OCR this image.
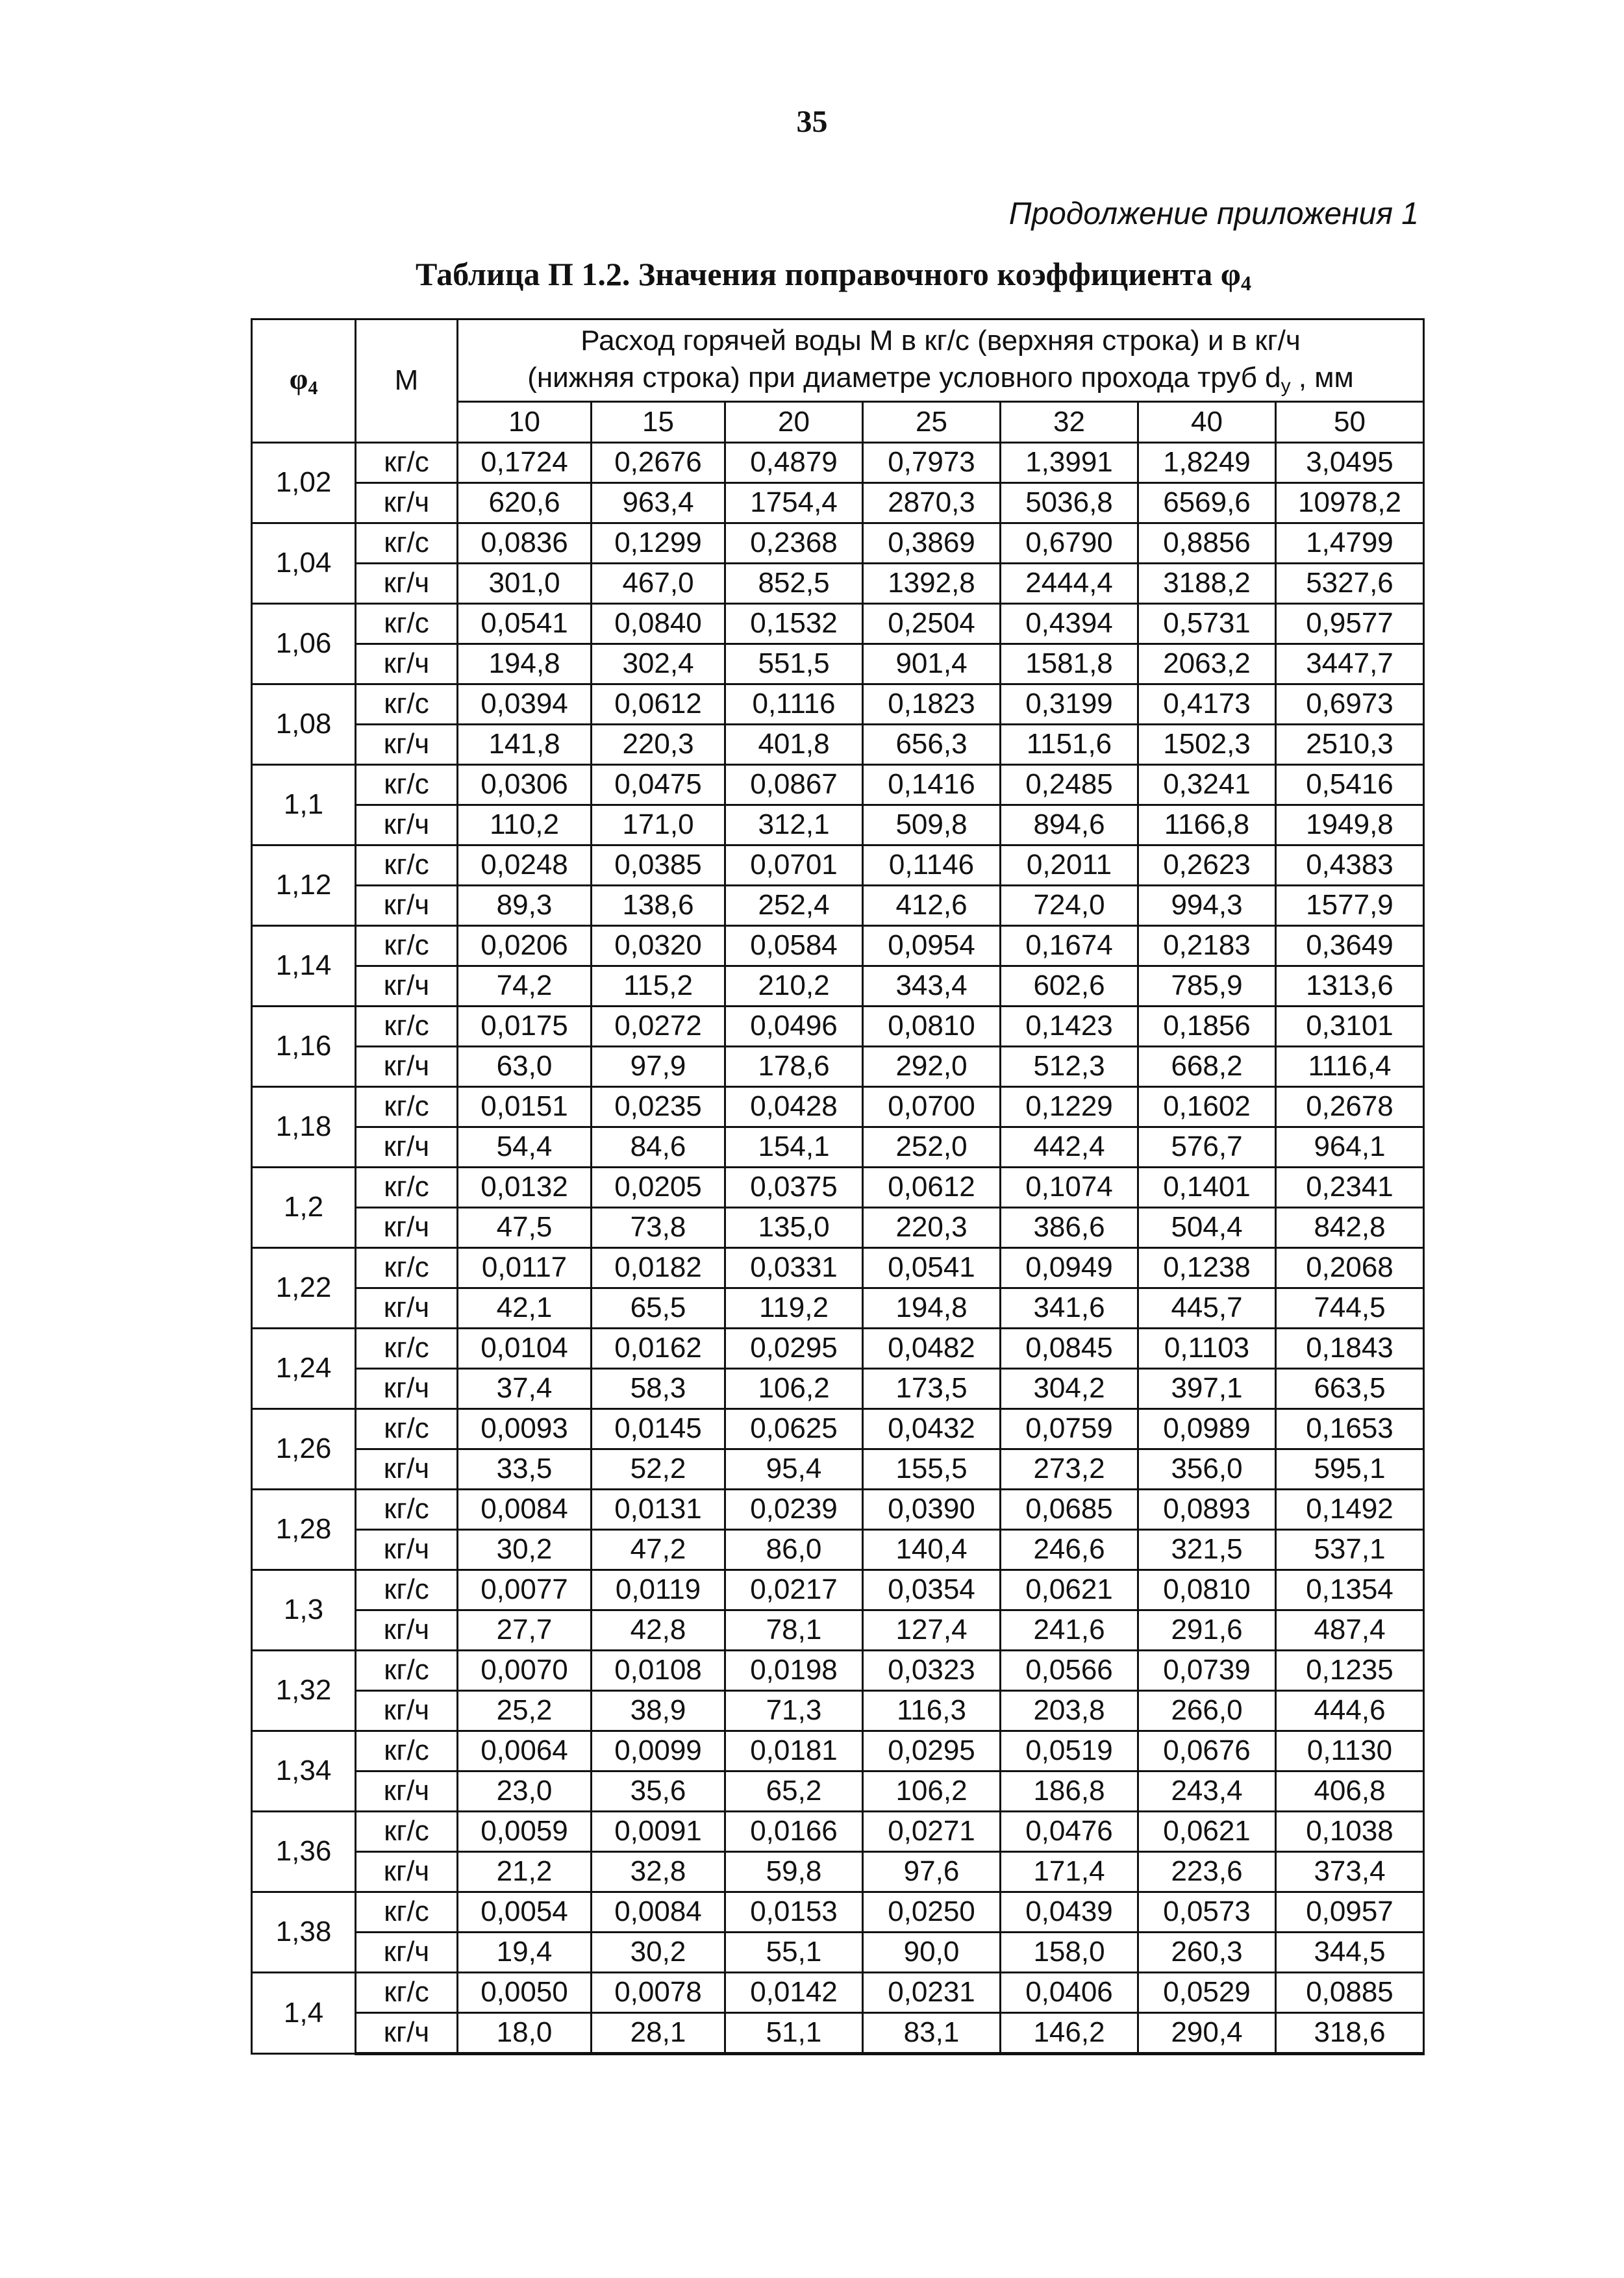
35
Продолжение приложения 1
Таблица П 1.2. Значения поправочного коэффициента $\varphi_4$
$\varphi_4$	М	Расход горячей воды М в кг/с (верхняя строка) и в кг/ч
(нижняя строка) при диаметре условного прохода труб $d_y$ , мм						
		10	15	20	25	32	40	50
1,02	кг/с	0,1724	0,2676	0,4879	0,7973	1,3991	1,8249	3,0495
	кг/ч	620,6	963,4	1754,4	2870,3	5036,8	6569,6	10978,2
1,04	кг/с	0,0836	0,1299	0,2368	0,3869	0,6790	0,8856	1,4799
	кг/ч	301,0	467,0	852,5	1392,8	2444,4	3188,2	5327,6
1,06	кг/с	0,0541	0,0840	0,1532	0,2504	0,4394	0,5731	0,9577
	кг/ч	194,8	302,4	551,5	901,4	1581,8	2063,2	3447,7
1,08	кг/с	0,0394	0,0612	0,1116	0,1823	0,3199	0,4173	0,6973
	кг/ч	141,8	220,3	401,8	656,3	1151,6	1502,3	2510,3
1,1	кг/с	0,0306	0,0475	0,0867	0,1416	0,2485	0,3241	0,5416
	кг/ч	110,2	171,0	312,1	509,8	894,6	1166,8	1949,8
1,12	кг/с	0,0248	0,0385	0,0701	0,1146	0,2011	0,2623	0,4383
	кг/ч	89,3	138,6	252,4	412,6	724,0	994,3	1577,9
1,14	кг/с	0,0206	0,0320	0,0584	0,0954	0,1674	0,2183	0,3649
	кг/ч	74,2	115,2	210,2	343,4	602,6	785,9	1313,6
1,16	кг/с	0,0175	0,0272	0,0496	0,0810	0,1423	0,1856	0,3101
	кг/ч	63,0	97,9	178,6	292,0	512,3	668,2	1116,4
1,18	кг/с	0,0151	0,0235	0,0428	0,0700	0,1229	0,1602	0,2678
	кг/ч	54,4	84,6	154,1	252,0	442,4	576,7	964,1
1,2	кг/с	0,0132	0,0205	0,0375	0,0612	0,1074	0,1401	0,2341
	кг/ч	47,5	73,8	135,0	220,3	386,6	504,4	842,8
1,22	кг/с	0,0117	0,0182	0,0331	0,0541	0,0949	0,1238	0,2068
	кг/ч	42,1	65,5	119,2	194,8	341,6	445,7	744,5
1,24	кг/с	0,0104	0,0162	0,0295	0,0482	0,0845	0,1103	0,1843
	кг/ч	37,4	58,3	106,2	173,5	304,2	397,1	663,5
1,26	кг/с	0,0093	0,0145	0,0625	0,0432	0,0759	0,0989	0,1653
	кг/ч	33,5	52,2	95,4	155,5	273,2	356,0	595,1
1,28	кг/с	0,0084	0,0131	0,0239	0,0390	0,0685	0,0893	0,1492
	кг/ч	30,2	47,2	86,0	140,4	246,6	321,5	537,1
1,3	кг/с	0,0077	0,0119	0,0217	0,0354	0,0621	0,0810	0,1354
	кг/ч	27,7	42,8	78,1	127,4	241,6	291,6	487,4
1,32	кг/с	0,0070	0,0108	0,0198	0,0323	0,0566	0,0739	0,1235
	кг/ч	25,2	38,9	71,3	116,3	203,8	266,0	444,6
1,34	кг/с	0,0064	0,0099	0,0181	0,0295	0,0519	0,0676	0,1130
	кг/ч	23,0	35,6	65,2	106,2	186,8	243,4	406,8
1,36	кг/с	0,0059	0,0091	0,0166	0,0271	0,0476	0,0621	0,1038
	кг/ч	21,2	32,8	59,8	97,6	171,4	223,6	373,4
1,38	кг/с	0,0054	0,0084	0,0153	0,0250	0,0439	0,0573	0,0957
	кг/ч	19,4	30,2	55,1	90,0	158,0	260,3	344,5
1,4	кг/с	0,0050	0,0078	0,0142	0,0231	0,0406	0,0529	0,0885
	кг/ч	18,0	28,1	51,1	83,1	146,2	290,4	318,6
